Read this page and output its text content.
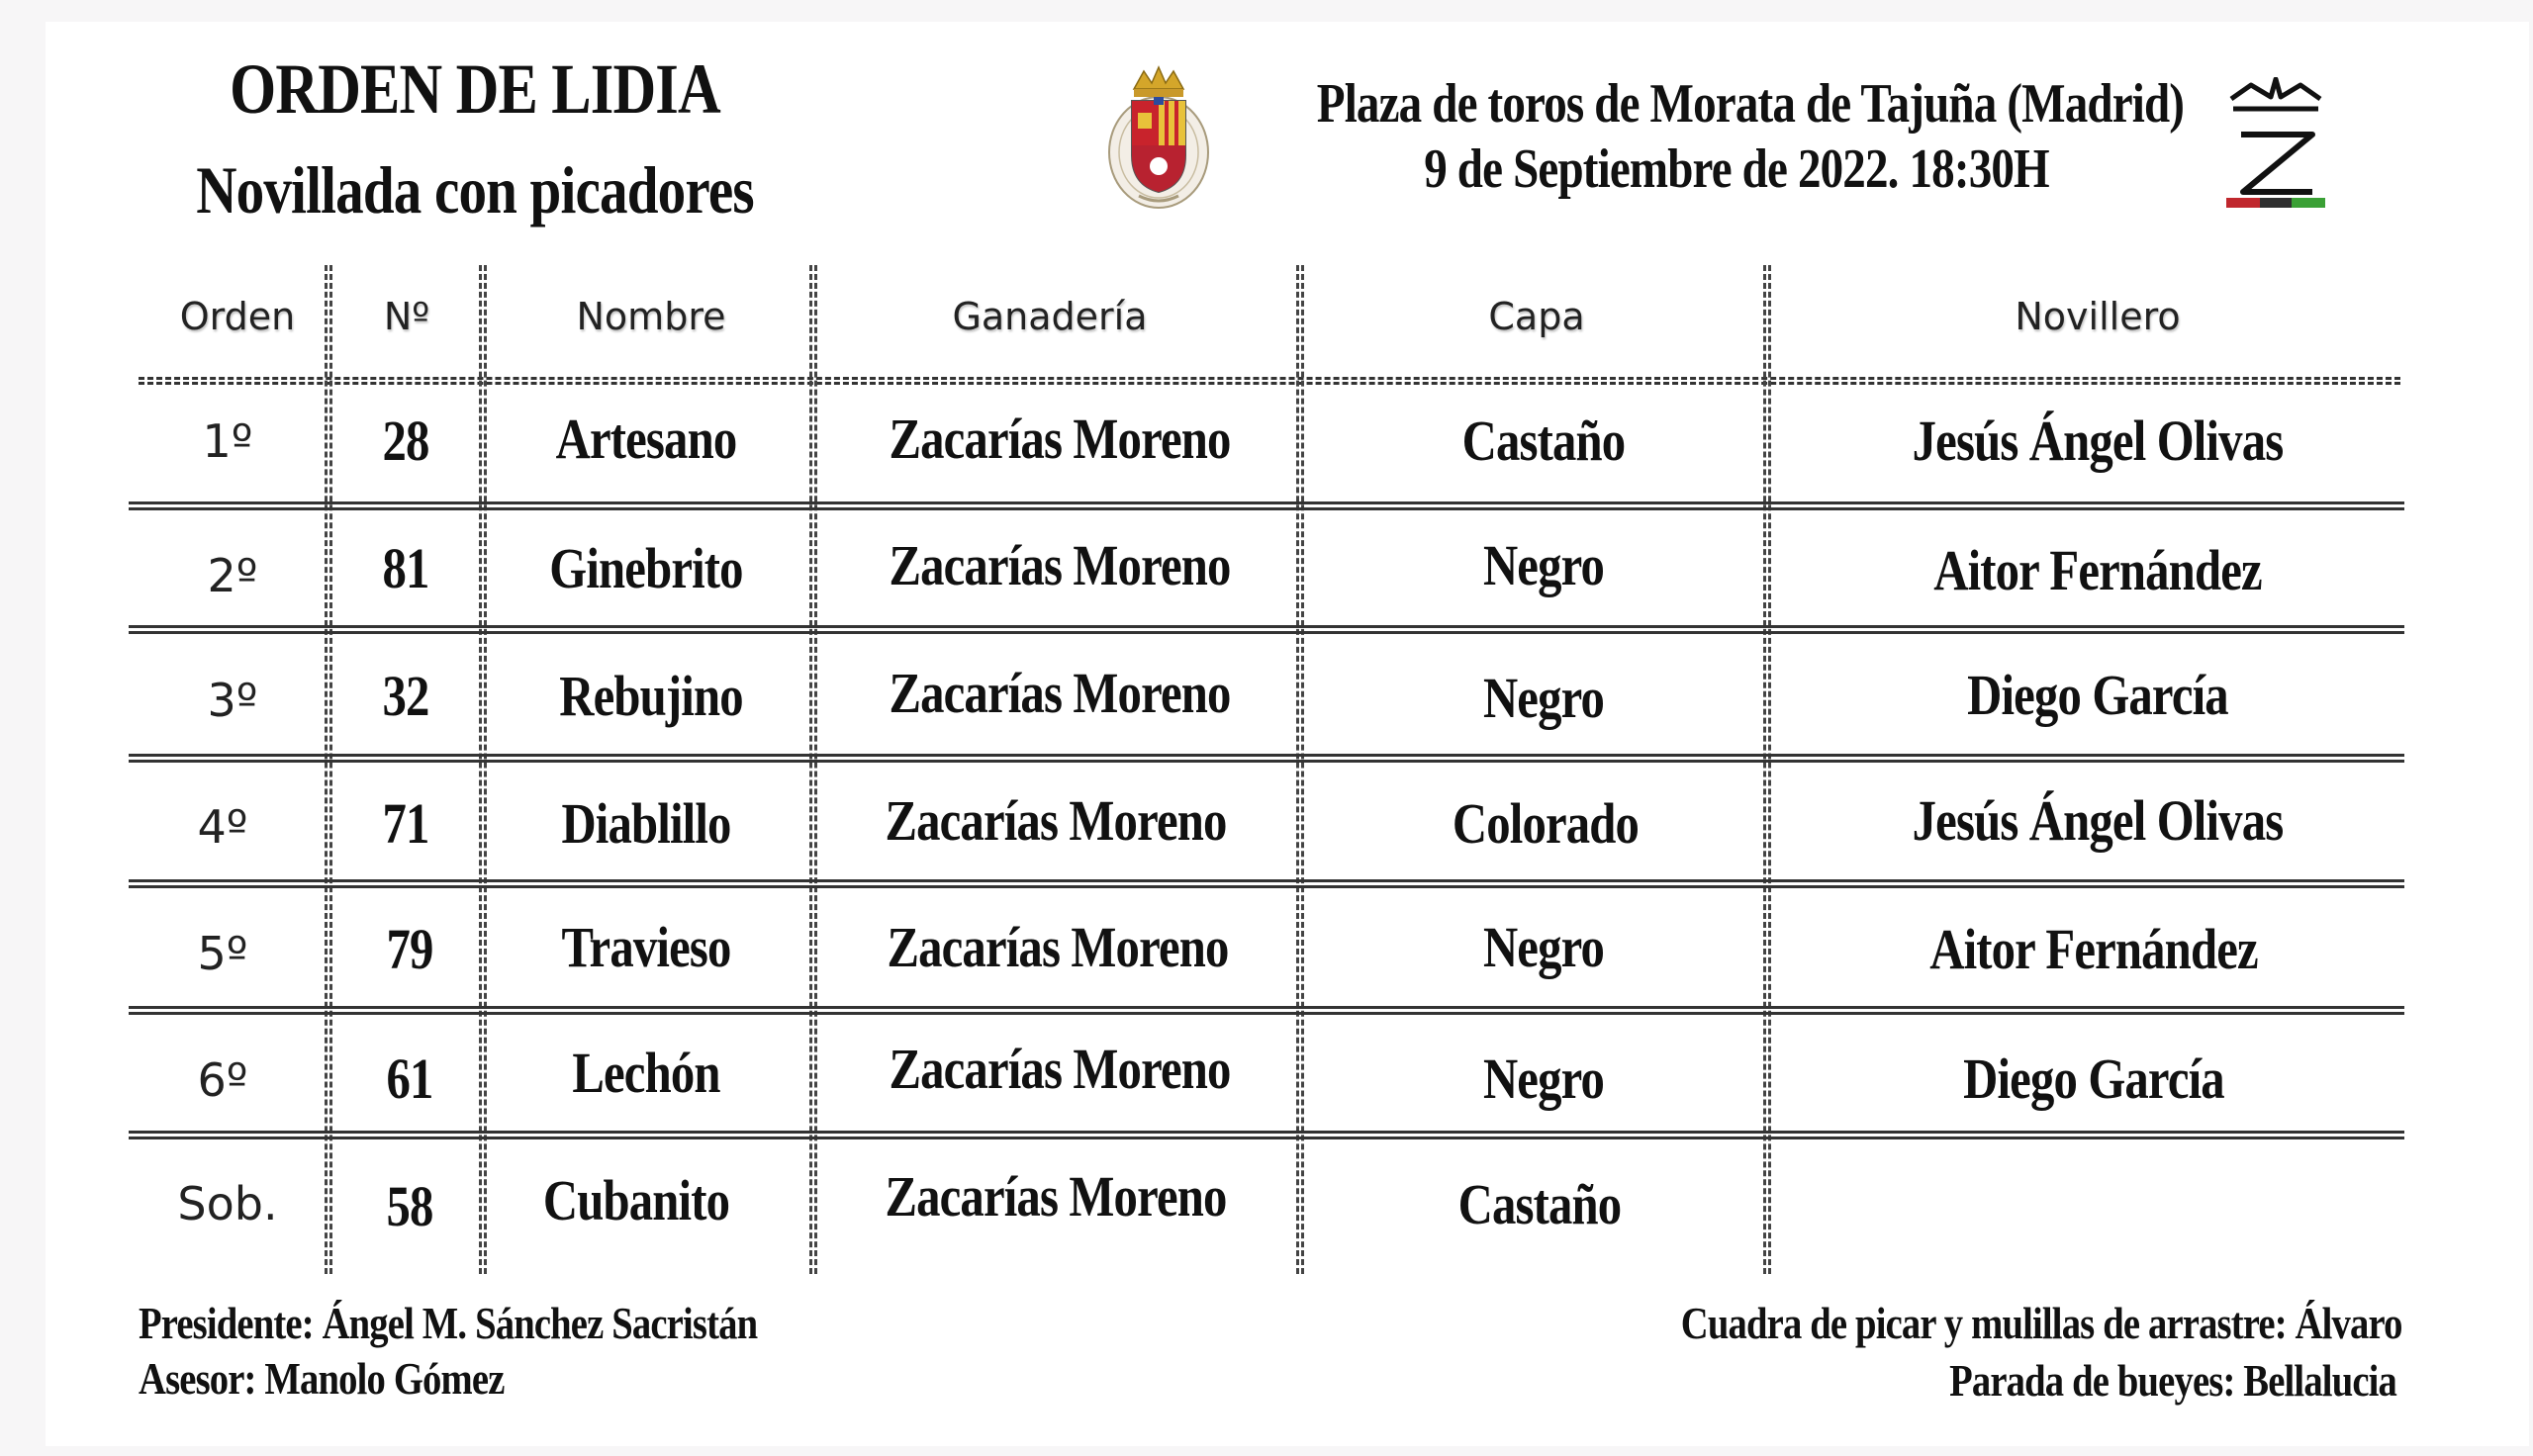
ORDEN DE LIDIA
Novillada con picadores
Plaza de toros de Morata de Tajuña (Madrid)
9 de Septiembre de 2022. 18:30H
Orden	Nº	Nombre	Ganadería	Capa	Novillero
1º	28	Artesano	Zacarías Moreno	Castaño	Jesús Ángel Olivas
2º	81	Ginebrito	Zacarías Moreno	Negro	Aitor Fernández
3º	32	Rebujino	Zacarías Moreno	Negro	Diego García
4º	71	Diablillo	Zacarías Moreno	Colorado	Jesús Ángel Olivas
5º	79	Travieso	Zacarías Moreno	Negro	Aitor Fernández
6º	61	Lechón	Zacarías Moreno	Negro	Diego García
Sob.	58	Cubanito	Zacarías Moreno	Castaño
Presidente: Ángel M. Sánchez Sacristán
Asesor: Manolo Gómez
Cuadra de picar y mulillas de arrastre: Álvaro
Parada de bueyes: Bellalucia
